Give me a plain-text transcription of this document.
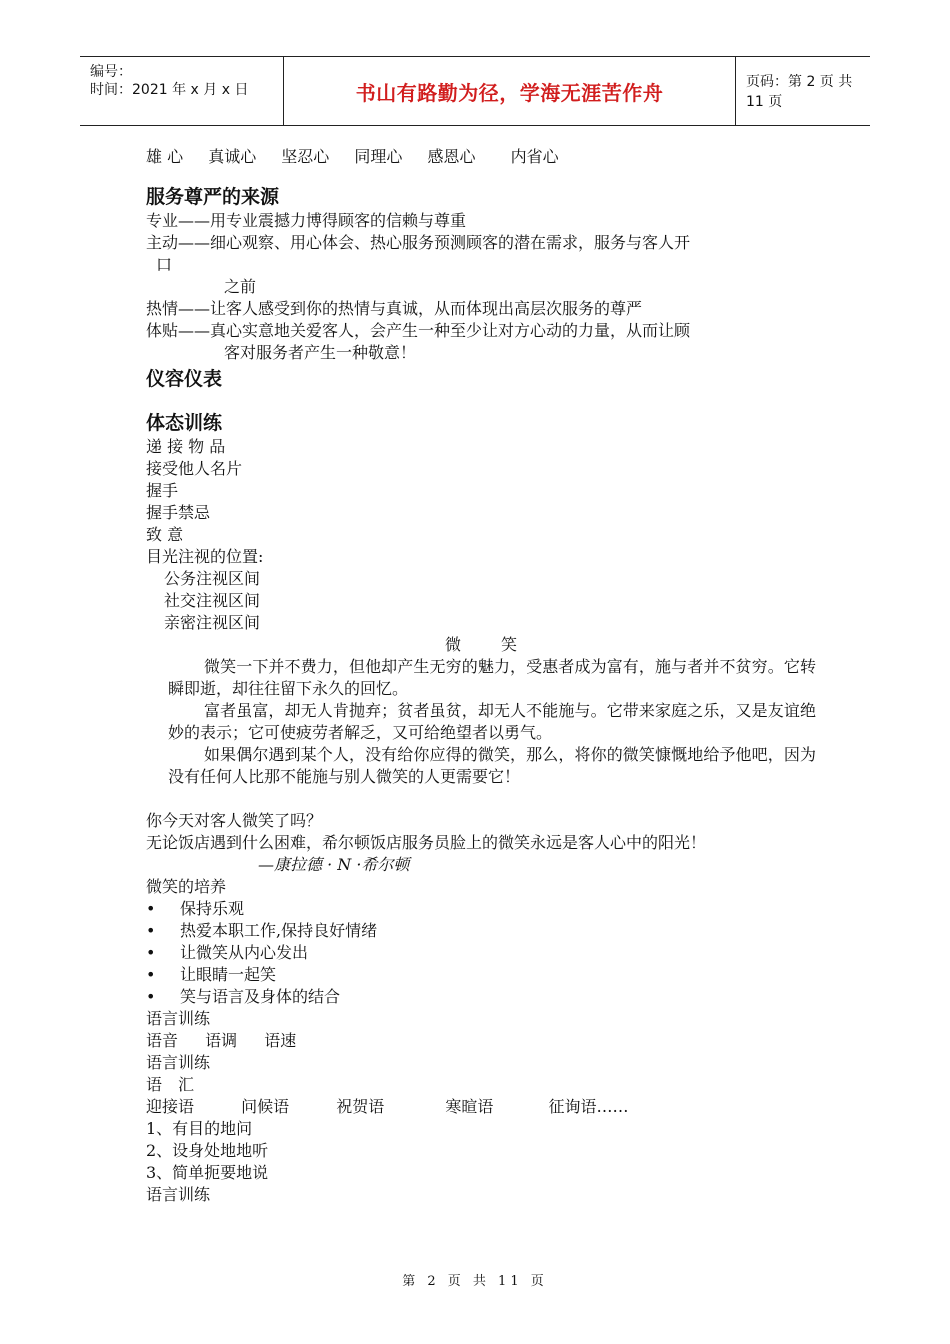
编号：
时间：2021 年 x 月 x 日	书山有路勤为径，学海无涯苦作舟	页码：第 2 页 共 11 页
雄 心 真诚心 坚忍心 同理心 感恩心 内省心
服务尊严的来源
专业——用专业震撼力博得顾客的信赖与尊重
主动——细心观察、用心体会、热心服务预测顾客的潜在需求，服务与客人开
口
之前
热情——让客人感受到你的热情与真诚，从而体现出高层次服务的尊严
体贴——真心实意地关爱客人，会产生一种至少让对方心动的力量，从而让顾
客对服务者产生一种敬意！
仪容仪表
体态训练
递 接 物 品
接受他人名片
握手
握手禁忌
致 意
目光注视的位置:
公务注视区间
社交注视区间
亲密注视区间
微笑
微笑一下并不费力，但他却产生无穷的魅力，受惠者成为富有，施与者并不贫穷。它转瞬即逝，却往往留下永久的回忆。
富者虽富，却无人肯抛弃；贫者虽贫，却无人不能施与。它带来家庭之乐，又是友谊绝妙的表示；它可使疲劳者解乏，又可给绝望者以勇气。
如果偶尔遇到某个人，没有给你应得的微笑，那么，将你的微笑慷慨地给予他吧，因为没有任何人比那不能施与别人微笑的人更需要它！
你今天对客人微笑了吗？
无论饭店遇到什么困难，希尔顿饭店服务员脸上的微笑永远是客人心中的阳光！
—康拉德 · N ·希尔顿
微笑的培养
•	保持乐观
•	热爱本职工作,保持良好情绪
•	让微笑从内心发出
•	让眼睛一起笑
•	笑与语言及身体的结合
语言训练
语音 语调 语速
语言训练
语　汇
迎接语	问候语	祝贺语	寒暄语	征询语……
1、有目的地问
2、设身处地地听
3、简单扼要地说
语言训练
第 2 页 共 11 页
